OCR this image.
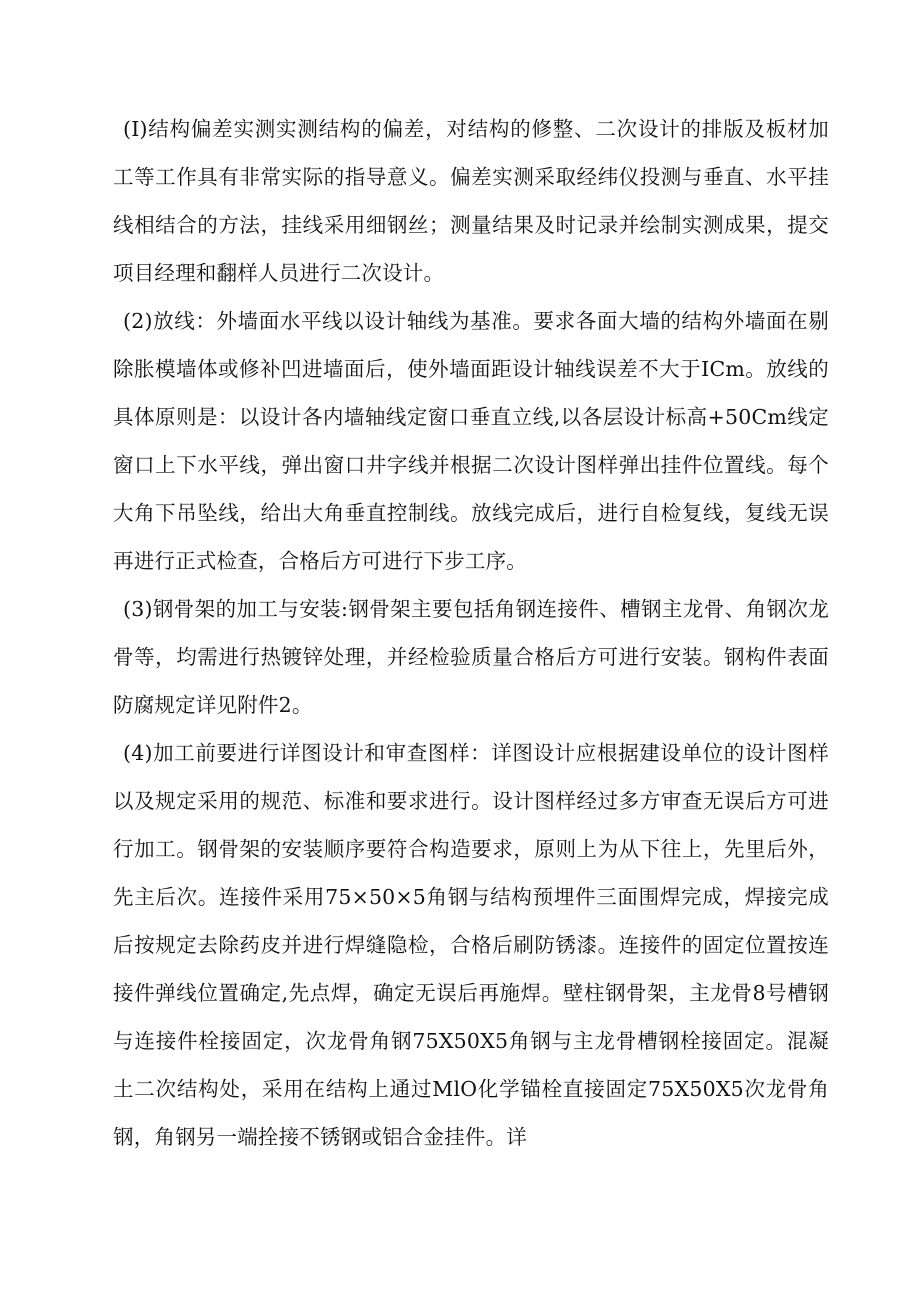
(I)结构偏差实测实测结构的偏差，对结构的修整、二次设计的排版及板材加工等工作具有非常实际的指导意义。偏差实测采取经纬仪投测与垂直、水平挂线相结合的方法，挂线采用细钢丝；测量结果及时记录并绘制实测成果，提交项目经理和翻样人员进行二次设计。

(2)放线：外墙面水平线以设计轴线为基准。要求各面大墙的结构外墙面在剔除胀模墙体或修补凹进墙面后，使外墙面距设计轴线误差不大于ICm。放线的具体原则是：以设计各内墙轴线定窗口垂直立线,以各层设计标高+50Cm线定窗口上下水平线，弹出窗口井字线并根据二次设计图样弹出挂件位置线。每个大角下吊坠线，给出大角垂直控制线。放线完成后，进行自检复线，复线无误再进行正式检查，合格后方可进行下步工序。

(3)钢骨架的加工与安装:钢骨架主要包括角钢连接件、槽钢主龙骨、角钢次龙骨等，均需进行热镀锌处理，并经检验质量合格后方可进行安装。钢构件表面防腐规定详见附件2。

(4)加工前要进行详图设计和审查图样：详图设计应根据建设单位的设计图样以及规定采用的规范、标准和要求进行。设计图样经过多方审查无误后方可进行加工。钢骨架的安装顺序要符合构造要求，原则上为从下往上，先里后外，先主后次。连接件采用75×50×5角钢与结构预埋件三面围焊完成，焊接完成后按规定去除药皮并进行焊缝隐检，合格后刷防锈漆。连接件的固定位置按连接件弹线位置确定,先点焊，确定无误后再施焊。壁柱钢骨架，主龙骨8号槽钢与连接件栓接固定，次龙骨角钢75X50X5角钢与主龙骨槽钢栓接固定。混凝土二次结构处，采用在结构上通过MlO化学锚栓直接固定75X50X5次龙骨角钢，角钢另一端拴接不锈钢或铝合金挂件。详
